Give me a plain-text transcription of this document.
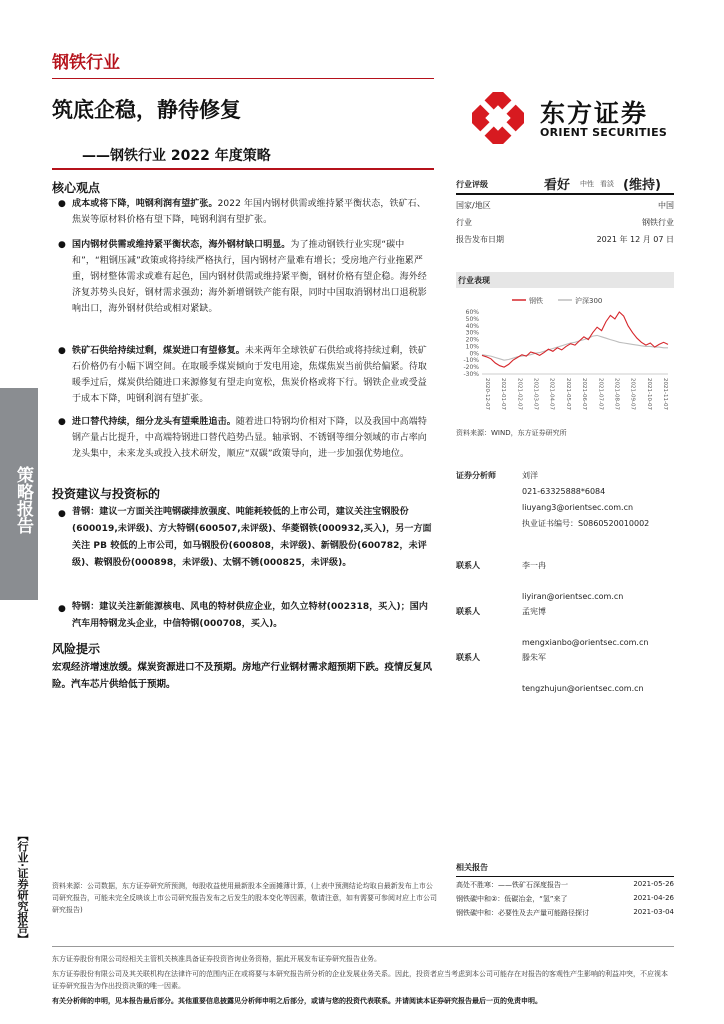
钢铁行业
筑底企稳，静待修复
——钢铁行业 2022 年度策略
东方证券
ORIENT SECURITIES
策略报告
【行业·证券研究报告】
核心观点
● 成本或将下降，吨钢利润有望扩张。2022 年国内钢材供需或维持紧平衡状态，铁矿石、焦炭等原材料价格有望下降，吨钢利润有望扩张。
● 国内钢材供需或维持紧平衡状态，海外钢材缺口明显。为了推动钢铁行业实现“碳中和”，“粗钢压减”政策或将持续严格执行，国内钢材产量难有增长；受房地产行业拖累严重，钢材整体需求或难有起色，国内钢材供需或维持紧平衡，钢材价格有望企稳。海外经济复苏势头良好，钢材需求强劲；海外新增钢铁产能有限，同时中国取消钢材出口退税影响出口，海外钢材供给或相对紧缺。
● 铁矿石供给持续过剩，煤炭进口有望修复。未来两年全球铁矿石供给或将持续过剩，铁矿石价格仍有小幅下调空间。在取暖季煤炭倾向于发电用途，焦煤焦炭当前供给偏紧。待取暖季过后，煤炭供给随进口来源修复有望走向宽松，焦炭价格或将下行。钢铁企业或受益于成本下降，吨钢利润有望扩张。
● 进口替代持续，细分龙头有望乘胜追击。随着进口特钢均价相对下降，以及我国中高端特钢产量占比提升，中高端特钢进口替代趋势凸显。轴承钢、不锈钢等细分领域的市占率向龙头集中，未来龙头或投入技术研发，顺应“双碳”政策导向，进一步加强优势地位。
投资建议与投资标的
● 普钢：建议一方面关注吨钢碳排放强度、吨能耗较低的上市公司，建议关注宝钢股份(600019,未评级)、方大特钢(600507,未评级)、华菱钢铁(000932,买入)，另一方面关注 PB 较低的上市公司，如马钢股份(600808，未评级)、新钢股份(600782，未评级)、鞍钢股份(000898，未评级)、太钢不锈(000825，未评级)。
● 特钢：建议关注新能源核电、风电的特材供应企业，如久立特材(002318，买入)；国内汽车用特钢龙头企业，中信特钢(000708，买入)。
风险提示
宏观经济增速放缓。煤炭资源进口不及预期。房地产行业钢材需求超预期下跌。疫情反复风险。汽车芯片供给低于预期。
行业评级	看好 中性 看淡 (维持)
国家/地区	中国
行业	钢铁行业
报告发布日期	2021 年 12 月 07 日
行业表现
钢铁	沪深300
60%
50%
40%
30%
20%
10%
0%
-10%
-20%
-30%
2020-12-07 2021-01-07 2021-02-07 2021-03-07 2021-04-07 2021-05-07 2021-06-07 2021-07-07 2021-08-07 2021-09-07 2021-10-07 2021-11-07
资料来源：WIND，东方证券研究所
证券分析师	刘洋
021-63325888*6084
liuyang3@orientsec.com.cn
执业证书编号：S0860520010002
联系人	李一冉
liyiran@orientsec.com.cn
联系人	孟宪博
mengxianbo@orientsec.com.cn
联系人	滕朱军
tengzhujun@orientsec.com.cn
相关报告
高处不胜寒：——铁矿石深度报告一	2021-05-26
钢铁碳中和②：低碳冶金，“氢”来了	2021-04-26
钢铁碳中和：必要性及去产量可能路径探讨	2021-03-04
资料来源：公司数据，东方证券研究所预测，每股收益使用最新股本全面摊薄计算，(上表中预测结论均取自最新发布上市公司研究报告，可能未完全反映该上市公司研究报告发布之后发生的股本变化等因素，敬请注意，如有需要可参阅对应上市公司研究报告)
东方证券股份有限公司经相关主管机关核准具备证券投资咨询业务资格，据此开展发布证券研究报告业务。
东方证券股份有限公司及其关联机构在法律许可的范围内正在或将要与本研究报告所分析的企业发展业务关系。因此，投资者应当考虑到本公司可能存在对报告的客观性产生影响的利益冲突，不应视本证券研究报告为作出投资决策的唯一因素。
有关分析师的申明，见本报告最后部分。其他重要信息披露见分析师申明之后部分，或请与您的投资代表联系。并请阅读本证券研究报告最后一页的免责申明。
